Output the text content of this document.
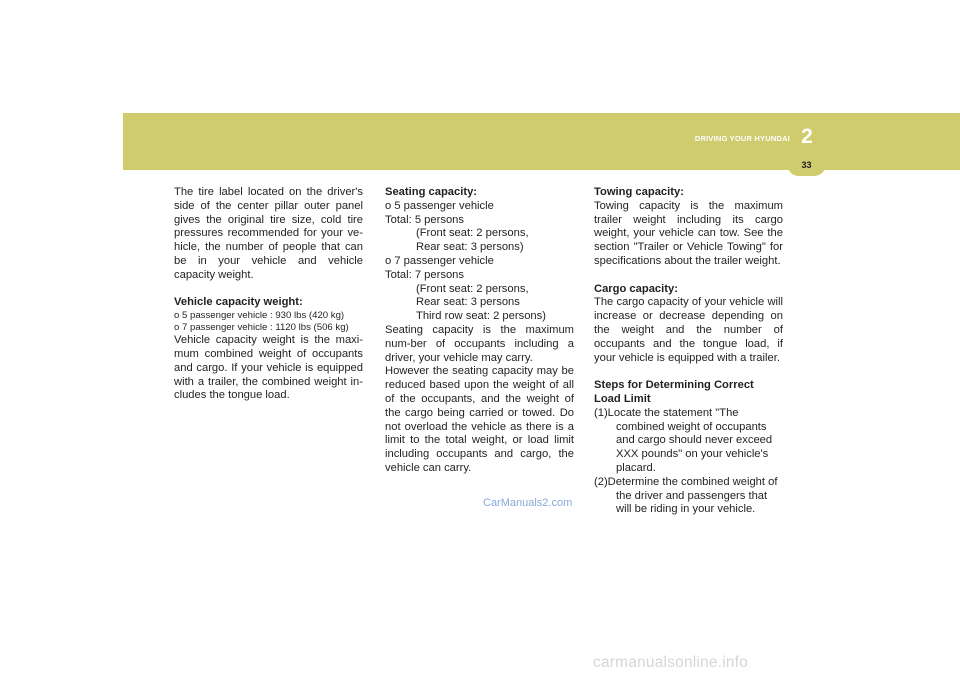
DRIVING YOUR HYUNDAI 2
33

The tire label located on the driver's side of the center pillar outer panel gives the original tire size, cold tire pressures recommended for your ve-hicle, the number of people that can be in your vehicle and vehicle capacity weight.

Vehicle capacity weight:

o 5 passenger vehicle : 930 lbs (420 kg)

o 7 passenger vehicle : 1120 lbs (506 kg)

Vehicle capacity weight is the maxi-mum combined weight of occupants and cargo. If your vehicle is equipped with a trailer, the combined weight in-cludes the tongue load.

Seating capacity:

o 5 passenger vehicle

Total: 5 persons

(Front seat: 2 persons,

Rear seat: 3 persons)

o 7 passenger vehicle

Total: 7 persons

(Front seat: 2 persons,

Rear seat: 3 persons

Third row seat: 2 persons)

Seating capacity is the maximum num-ber of occupants including a driver, your vehicle may carry.

However the seating capacity may be reduced based upon the weight of all of the occupants, and the weight of the cargo being carried or towed. Do not overload the vehicle as there is a limit to the total weight, or load limit including occupants and cargo, the vehicle can carry.

Towing capacity:

Towing capacity is the maximum trailer weight including its cargo weight, your vehicle can tow. See the section "Trailer or Vehicle Towing" for specifications about the trailer weight.

Cargo capacity:

The cargo capacity of your vehicle will increase or decrease depending on the weight and the number of occupants and the tongue load, if your vehicle is equipped with a trailer.

Steps for Determining Correct Load Limit

(1)Locate the statement "The combined weight of occupants and cargo should never exceed XXX pounds" on your vehicle's placard.

(2)Determine the combined weight of the driver and passengers that will be riding in your vehicle.

CarManuals2.com
carmanualsonline.info
